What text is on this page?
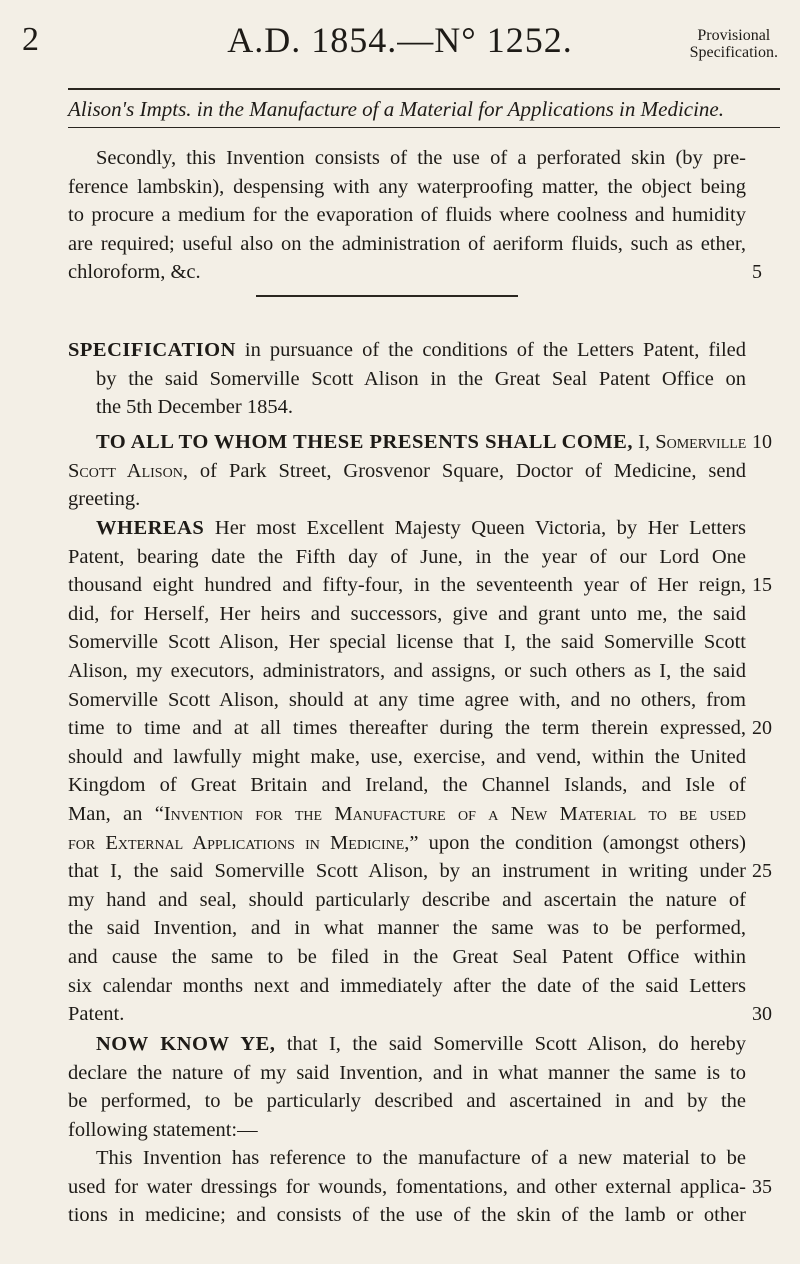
2	A.D. 1854.—N° 1252.	Provisional
Specification.
Alison's Impts. in the Manufacture of a Material for Applications in Medicine.
Secondly, this Invention consists of the use of a perforated skin (by pre-
ference lambskin), despensing with any waterproofing matter, the object being
to procure a medium for the evaporation of fluids where coolness and humidity
are required; useful also on the administration of aeriform fluids, such as ether,
chloroform, &c.
SPECIFICATION in pursuance of the conditions of the Letters Patent, filed
by the said Somerville Scott Alison in the Great Seal Patent Office on
the 5th December 1854.
TO ALL TO WHOM THESE PRESENTS SHALL COME, I, Somerville
Scott Alison, of Park Street, Grosvenor Square, Doctor of Medicine, send
greeting.
WHEREAS Her most Excellent Majesty Queen Victoria, by Her Letters
Patent, bearing date the Fifth day of June, in the year of our Lord One
thousand eight hundred and fifty-four, in the seventeenth year of Her reign,
did, for Herself, Her heirs and successors, give and grant unto me, the said
Somerville Scott Alison, Her special license that I, the said Somerville Scott
Alison, my executors, administrators, and assigns, or such others as I, the said
Somerville Scott Alison, should at any time agree with, and no others, from
time to time and at all times thereafter during the term therein expressed,
should and lawfully might make, use, exercise, and vend, within the United
Kingdom of Great Britain and Ireland, the Channel Islands, and Isle of
Man, an “Invention for the Manufacture of a New Material to be used
for External Applications in Medicine,” upon the condition (amongst others)
that I, the said Somerville Scott Alison, by an instrument in writing under
my hand and seal, should particularly describe and ascertain the nature of
the said Invention, and in what manner the same was to be performed,
and cause the same to be filed in the Great Seal Patent Office within
six calendar months next and immediately after the date of the said Letters
Patent.
NOW KNOW YE, that I, the said Somerville Scott Alison, do hereby
declare the nature of my said Invention, and in what manner the same is to
be performed, to be particularly described and ascertained in and by the
following statement:—
This Invention has reference to the manufacture of a new material to be
used for water dressings for wounds, fomentations, and other external applica-
tions in medicine; and consists of the use of the skin of the lamb or other
5
10
15
20
25
30
35
